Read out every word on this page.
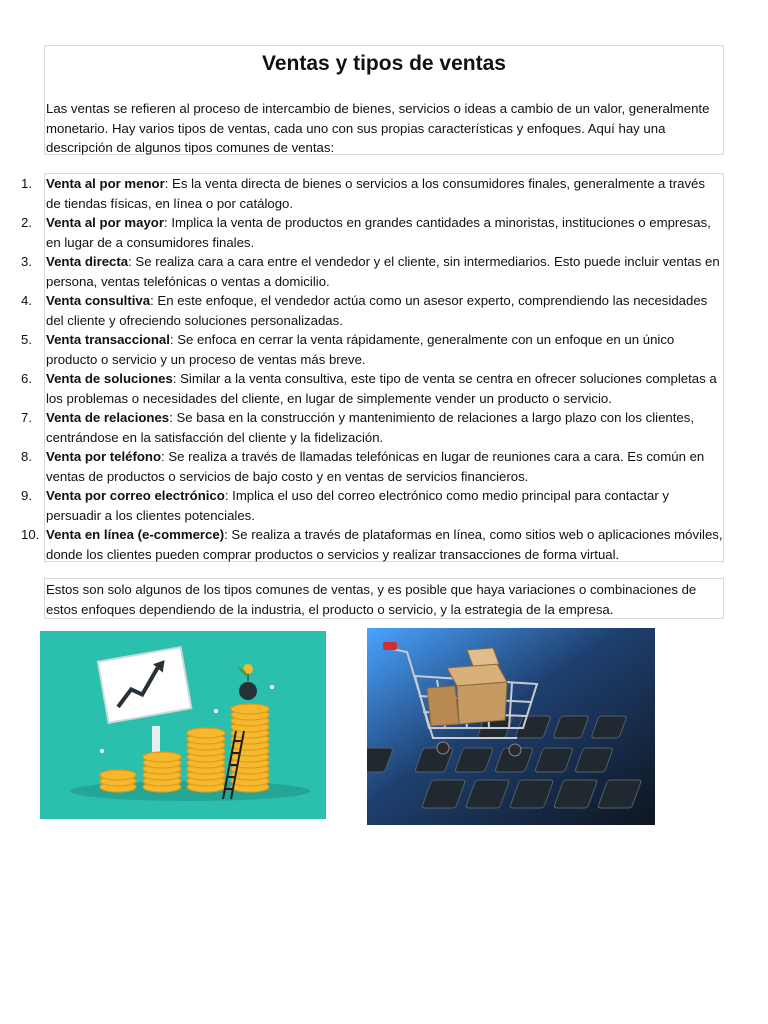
Ventas y tipos de ventas

Las ventas se refieren al proceso de intercambio de bienes, servicios o ideas a cambio de un valor, generalmente monetario. Hay varios tipos de ventas, cada uno con sus propias características y enfoques. Aquí hay una descripción de algunos tipos comunes de ventas:

1.	Venta al por menor: Es la venta directa de bienes o servicios a los consumidores finales, generalmente a través de tiendas físicas, en línea o por catálogo.
2.	Venta al por mayor: Implica la venta de productos en grandes cantidades a minoristas, instituciones o empresas, en lugar de a consumidores finales.
3.	Venta directa: Se realiza cara a cara entre el vendedor y el cliente, sin intermediarios. Esto puede incluir ventas en persona, ventas telefónicas o ventas a domicilio.
4.	Venta consultiva: En este enfoque, el vendedor actúa como un asesor experto, comprendiendo las necesidades del cliente y ofreciendo soluciones personalizadas.
5.	Venta transaccional: Se enfoca en cerrar la venta rápidamente, generalmente con un enfoque en un único producto o servicio y un proceso de ventas más breve.
6.	Venta de soluciones: Similar a la venta consultiva, este tipo de venta se centra en ofrecer soluciones completas a los problemas o necesidades del cliente, en lugar de simplemente vender un producto o servicio.
7.	Venta de relaciones: Se basa en la construcción y mantenimiento de relaciones a largo plazo con los clientes, centrándose en la satisfacción del cliente y la fidelización.
8.	Venta por teléfono: Se realiza a través de llamadas telefónicas en lugar de reuniones cara a cara. Es común en ventas de productos o servicios de bajo costo y en ventas de servicios financieros.
9.	Venta por correo electrónico: Implica el uso del correo electrónico como medio principal para contactar y persuadir a los clientes potenciales.
10. Venta en línea (e-commerce): Se realiza a través de plataformas en línea, como sitios web o aplicaciones móviles, donde los clientes pueden comprar productos o servicios y realizar transacciones de forma virtual.

Estos son solo algunos de los tipos comunes de ventas, y es posible que haya variaciones o combinaciones de estos enfoques dependiendo de la industria, el producto o servicio, y la estrategia de la empresa.
